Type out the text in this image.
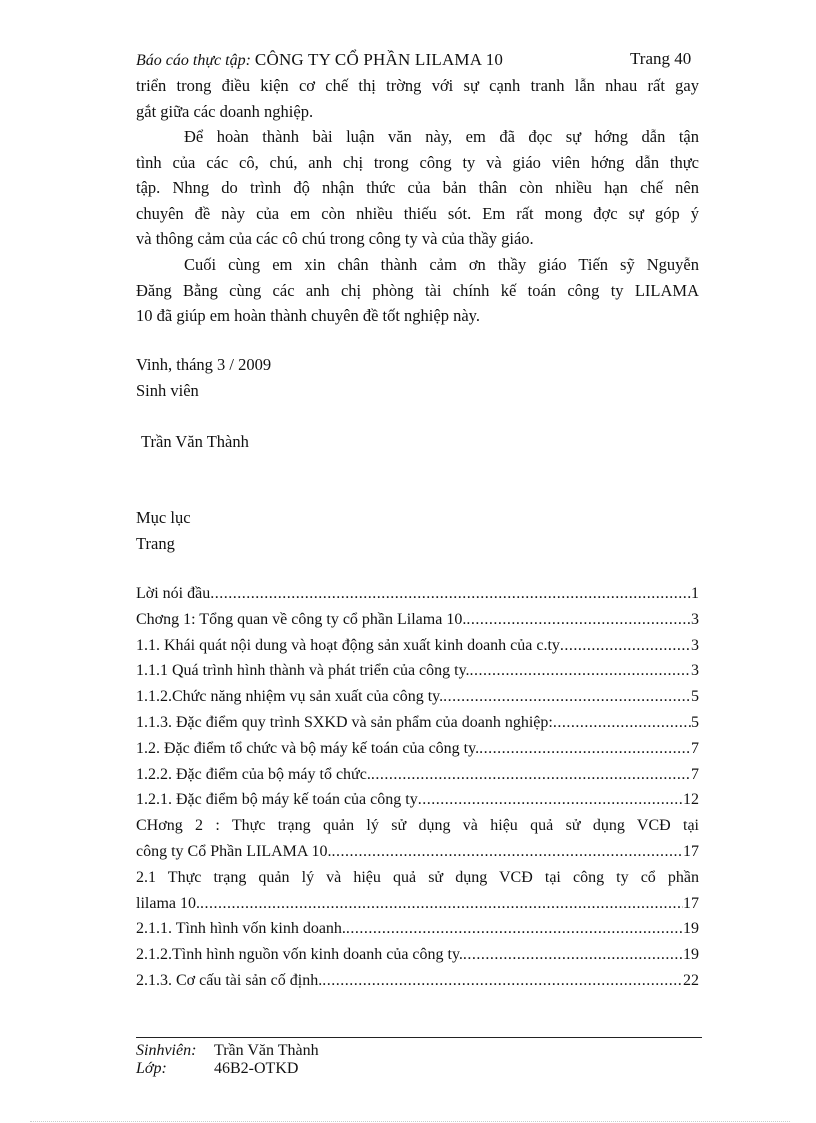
Báo cáo thực tập: CÔNG TY CỔ PHẦN LILAMA 10	Trang 40
triển trong điều kiện cơ chế thị trờng với sự cạnh tranh lẫn nhau rất gay
gắt giữa các doanh nghiệp.
Để hoàn thành bài luận văn này, em đã đọc sự hớng dẫn tận
tình của các cô, chú, anh chị trong công ty và giáo viên hớng dẫn thực
tập. Nhng do trình độ nhận thức của bản thân còn nhiều hạn chế nên
chuyên đề này của em còn nhiều thiếu sót. Em rất mong đợc sự góp ý
và thông cảm của các cô chú trong công ty và của thầy giáo.
Cuối cùng em xin chân thành cảm ơn thầy giáo Tiến sỹ Nguyễn
Đăng Bằng cùng các anh chị phòng tài chính kế toán công ty LILAMA
10 đã giúp em hoàn thành chuyên đề tốt nghiệp này.
Vinh, tháng 3 / 2009
Sinh viên
Trần Văn Thành
Mục lục
Trang
Lời nói đầu .....	1
Chơng 1: Tổng quan về công ty cổ phần Lilama 10. .....	3
1.1. Khái quát nội dung và hoạt động sản xuất kinh doanh của c.ty .....	3
1.1.1 Quá trình hình thành và phát triển của công ty. .....	3
1.1.2.Chức năng nhiệm vụ sản xuất của công ty. .....	5
1.1.3. Đặc điểm quy trình SXKD và sản phẩm của doanh nghiệp: .....	5
1.2. Đặc điểm tổ chức và bộ máy kế toán của công ty. .....	7
1.2.2. Đặc điểm của bộ máy tổ chức. .....	7
1.2.1. Đặc điểm bộ máy kế toán của công ty .....	12
CHơng 2 : Thực trạng quản lý sử dụng và hiệu quả sử dụng VCĐ tại
công ty Cổ Phần LILAMA 10. .....	17
2.1 Thực trạng quản lý và hiệu quả sử dụng VCĐ tại công ty cổ phần
lilama 10. .....	17
2.1.1. Tình hình vốn kinh doanh. .....	19
2.1.2.Tình hình nguồn vốn kinh doanh của công ty. .....	19
2.1.3. Cơ cấu tài sản cố định. .....	22
Sinhviên: Trần Văn Thành
Lớp:	46B2-OTKD
